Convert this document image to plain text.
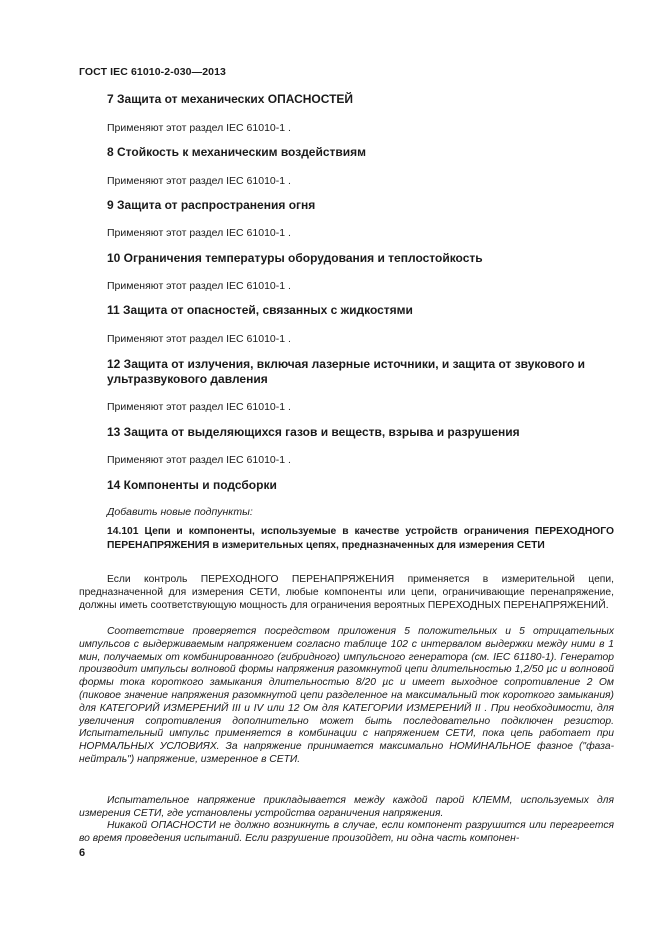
ГОСТ IEC 61010-2-030—2013
7 Защита от механических ОПАСНОСТЕЙ
Применяют этот раздел IEC 61010-1 .
8 Стойкость к механическим воздействиям
Применяют этот раздел IEC 61010-1 .
9 Защита от распространения огня
Применяют этот раздел IEC 61010-1 .
10 Ограничения температуры оборудования и теплостойкость
Применяют этот раздел IEC 61010-1 .
11 Защита от опасностей, связанных с жидкостями
Применяют этот раздел IEC 61010-1 .
12 Защита от излучения, включая лазерные источники, и защита от звукового и ультразвукового давления
Применяют этот раздел IEC 61010-1 .
13 Защита от выделяющихся газов и веществ, взрыва и разрушения
Применяют этот раздел IEC 61010-1 .
14 Компоненты и подсборки
Добавить новые подпункты:
14.101 Цепи и компоненты, используемые в качестве устройств ограничения ПЕРЕХОДНОГО ПЕРЕНАПРЯЖЕНИЯ в измерительных цепях, предназначенных для измерения СЕТИ
Если контроль ПЕРЕХОДНОГО ПЕРЕНАПРЯЖЕНИЯ применяется в измерительной цепи, предназначенной для измерения СЕТИ, любые компоненты или цепи, ограничивающие перенапряжение, должны иметь соответствующую мощность для ограничения вероятных ПЕРЕХОДНЫХ ПЕРЕНАПРЯЖЕНИЙ.
Соответствие проверяется посредством приложения 5 положительных и 5 отрицательных импульсов с выдерживаемым напряжением согласно таблице 102 с интервалом выдержки между ними в 1 мин, получаемых от комбинированного (гибридного) импульсного генератора (см. IEC 61180-1). Генератор производит импульсы волновой формы напряжения разомкнутой цепи длительностью 1,2/50 µс и волновой формы тока короткого замыкания длительностью 8/20 µс и имеет выходное сопротивление 2 Ом (пиковое значение напряжения разомкнутой цепи разделенное на максимальный ток короткого замыкания) для КАТЕГОРИЙ ИЗМЕРЕНИЙ III и IV или 12 Ом для КАТЕГОРИИ ИЗМЕРЕНИЙ II . При необходимости, для увеличения сопротивления дополнительно может быть последовательно подключен резистор. Испытательный импульс применяется в комбинации с напряжением СЕТИ, пока цепь работает при НОРМАЛЬНЫХ УСЛОВИЯХ. За напряжение принимается максимально НОМИНАЛЬНОЕ фазное ("фаза-нейтраль") напряжение, измеренное в СЕТИ.
Испытательное напряжение прикладывается между каждой парой КЛЕММ, используемых для измерения СЕТИ, где установлены устройства ограничения напряжения.
Никакой ОПАСНОСТИ не должно возникнуть в случае, если компонент разрушится или перегреется во время проведения испытаний. Если разрушение произойдет, ни одна часть компонен-
6
